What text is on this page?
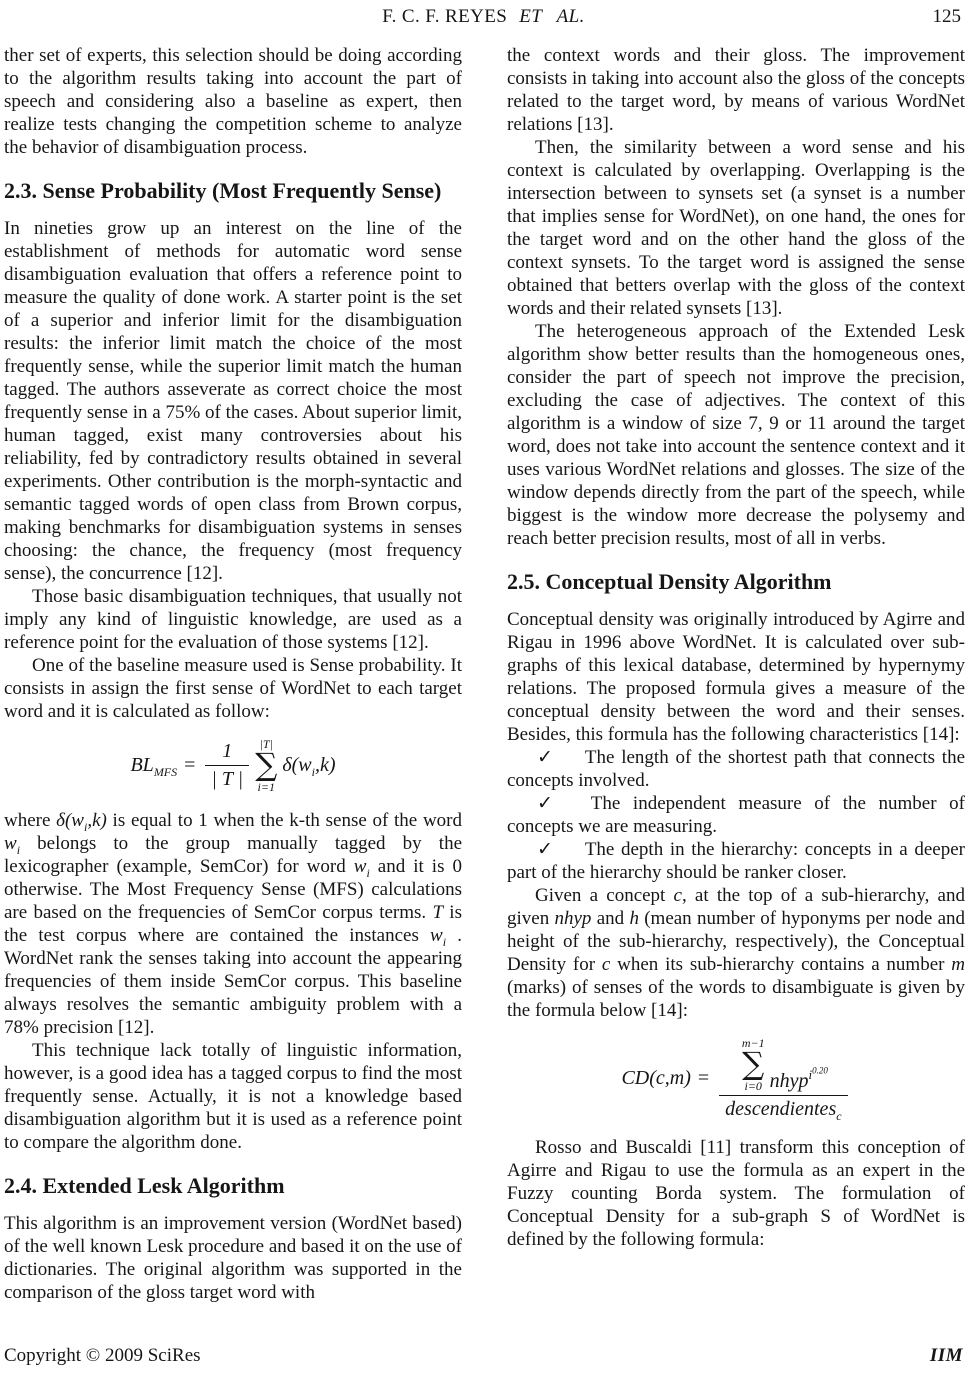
F. C. F. REYES ET AL.	125

ther set of experts, this selection should be doing according to the algorithm results taking into account the part of speech and considering also a baseline as expert, then realize tests changing the competition scheme to analyze the behavior of disambiguation process.

2.3. Sense Probability (Most Frequently Sense)

In nineties grow up an interest on the line of the establishment of methods for automatic word sense disambiguation evaluation that offers a reference point to measure the quality of done work. A starter point is the set of a superior and inferior limit for the disambiguation results: the inferior limit match the choice of the most frequently sense, while the superior limit match the human tagged. The authors asseverate as correct choice the most frequently sense in a 75% of the cases. About superior limit, human tagged, exist many controversies about his reliability, fed by contradictory results obtained in several experiments. Other contribution is the morph-syntactic and semantic tagged words of open class from Brown corpus, making benchmarks for disambiguation systems in senses choosing: the chance, the frequency (most frequency sense), the concurrence [12].

Those basic disambiguation techniques, that usually not imply any kind of linguistic knowledge, are used as a reference point for the evaluation of those systems [12].

One of the baseline measure used is Sense probability. It consists in assign the first sense of WordNet to each target word and it is calculated as follow:

$BL_{MFS} = \frac{1}{| T |} |T|$
∑
i=1
$\delta(w_i,k)$

where $\delta(w_i,k)$ is equal to 1 when the k-th sense of the word $w_i$ belongs to the group manually tagged by the lexicographer (example, SemCor) for word $w_i$ and it is 0 otherwise. The Most Frequency Sense (MFS) calculations are based on the frequencies of SemCor corpus terms. T is the test corpus where are contained the instances $w_i$ . WordNet rank the senses taking into account the appearing frequencies of them inside SemCor corpus. This baseline always resolves the semantic ambiguity problem with a 78% precision [12].

This technique lack totally of linguistic information, however, is a good idea has a tagged corpus to find the most frequently sense. Actually, it is not a knowledge based disambiguation algorithm but it is used as a reference point to compare the algorithm done.

2.4. Extended Lesk Algorithm

This algorithm is an improvement version (WordNet based) of the well known Lesk procedure and based it on the use of dictionaries. The original algorithm was supported in the comparison of the gloss target word with

the context words and their gloss. The improvement consists in taking into account also the gloss of the concepts related to the target word, by means of various WordNet relations [13].

Then, the similarity between a word sense and his context is calculated by overlapping. Overlapping is the intersection between to synsets set (a synset is a number that implies sense for WordNet), on one hand, the ones for the target word and on the other hand the gloss of the context synsets. To the target word is assigned the sense obtained that betters overlap with the gloss of the context words and their related synsets [13].

The heterogeneous approach of the Extended Lesk algorithm show better results than the homogeneous ones, consider the part of speech not improve the precision, excluding the case of adjectives. The context of this algorithm is a window of size 7, 9 or 11 around the target word, does not take into account the sentence context and it uses various WordNet relations and glosses. The size of the window depends directly from the part of the speech, while biggest is the window more decrease the polysemy and reach better precision results, most of all in verbs.

2.5. Conceptual Density Algorithm

Conceptual density was originally introduced by Agirre and Rigau in 1996 above WordNet. It is calculated over sub-graphs of this lexical database, determined by hypernymy relations. The proposed formula gives a measure of the conceptual density between the word and their senses. Besides, this formula has the following characteristics [14]:

✓ The length of the shortest path that connects the concepts involved.

✓ The independent measure of the number of concepts we are measuring.

✓ The depth in the hierarchy: concepts in a deeper part of the hierarchy should be ranker closer.

Given a concept c, at the top of a sub-hierarchy, and given nhyp and h (mean number of hyponyms per node and height of the sub-hierarchy, respectively), the Conceptual Density for c when its sub-hierarchy contains a number m (marks) of senses of the words to disambiguate is given by the formula below [14]:

CD(c,m) = m−1
∑
i=0 nhyp$^{i^{0.20}}$
descendientes$_c$

Rosso and Buscaldi [11] transform this conception of Agirre and Rigau to use the formula as an expert in the Fuzzy counting Borda system. The formulation of Conceptual Density for a sub-graph S of WordNet is defined by the following formula:

Copyright © 2009 SciRes	IIM
